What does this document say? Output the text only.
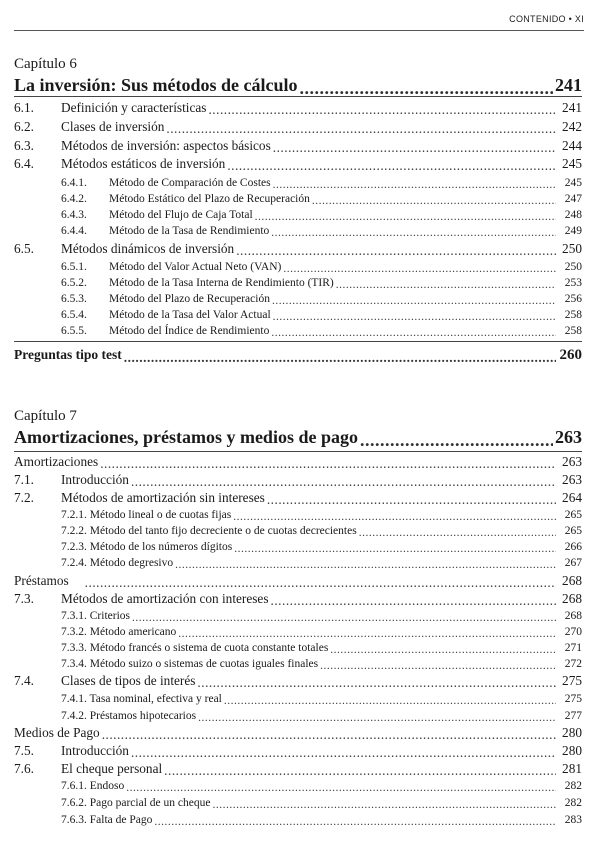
CONTENIDO • XI
Capítulo 6
La inversión: Sus métodos de cálculo .....	241
6.1.	Definición y características .....	241
6.2.	Clases de inversión .....	242
6.3.	Métodos de inversión: aspectos básicos .....	244
6.4.	Métodos estáticos de inversión .....	245
6.4.1.	Método de Comparación de Costes .....	245
6.4.2.	Método Estático del Plazo de Recuperación .....	247
6.4.3.	Método del Flujo de Caja Total .....	248
6.4.4.	Método de la Tasa de Rendimiento .....	249
6.5.	Métodos dinámicos de inversión .....	250
6.5.1.	Método del Valor Actual Neto (VAN) .....	250
6.5.2.	Método de la Tasa Interna de Rendimiento (TIR) .....	253
6.5.3.	Método del Plazo de Recuperación .....	256
6.5.4.	Método de la Tasa del Valor Actual .....	258
6.5.5.	Método del Índice de Rendimiento .....	258
Preguntas tipo test .....	260
Capítulo 7
Amortizaciones, préstamos y medios de pago .....	263
Amortizaciones .....	263
7.1.	Introducción .....	263
7.2.	Métodos de amortización sin intereses .....	264
7.2.1. Método lineal o de cuotas fijas .....	265
7.2.2. Método del tanto fijo decreciente o de cuotas decrecientes .....	265
7.2.3. Método de los números dígitos .....	266
7.2.4. Método degresivo .....	267
Préstamos .....	268
7.3.	Métodos de amortización con intereses .....	268
7.3.1. Criterios .....	268
7.3.2. Método americano .....	270
7.3.3. Método francés o sistema de cuota constante totales .....	271
7.3.4. Método suizo o sistemas de cuotas iguales finales .....	272
7.4.	Clases de tipos de interés .....	275
7.4.1. Tasa nominal, efectiva y real .....	275
7.4.2. Préstamos hipotecarios .....	277
Medios de Pago .....	280
7.5.	Introducción .....	280
7.6.	El cheque personal .....	281
7.6.1. Endoso .....	282
7.6.2. Pago parcial de un cheque .....	282
7.6.3. Falta de Pago .....	283
